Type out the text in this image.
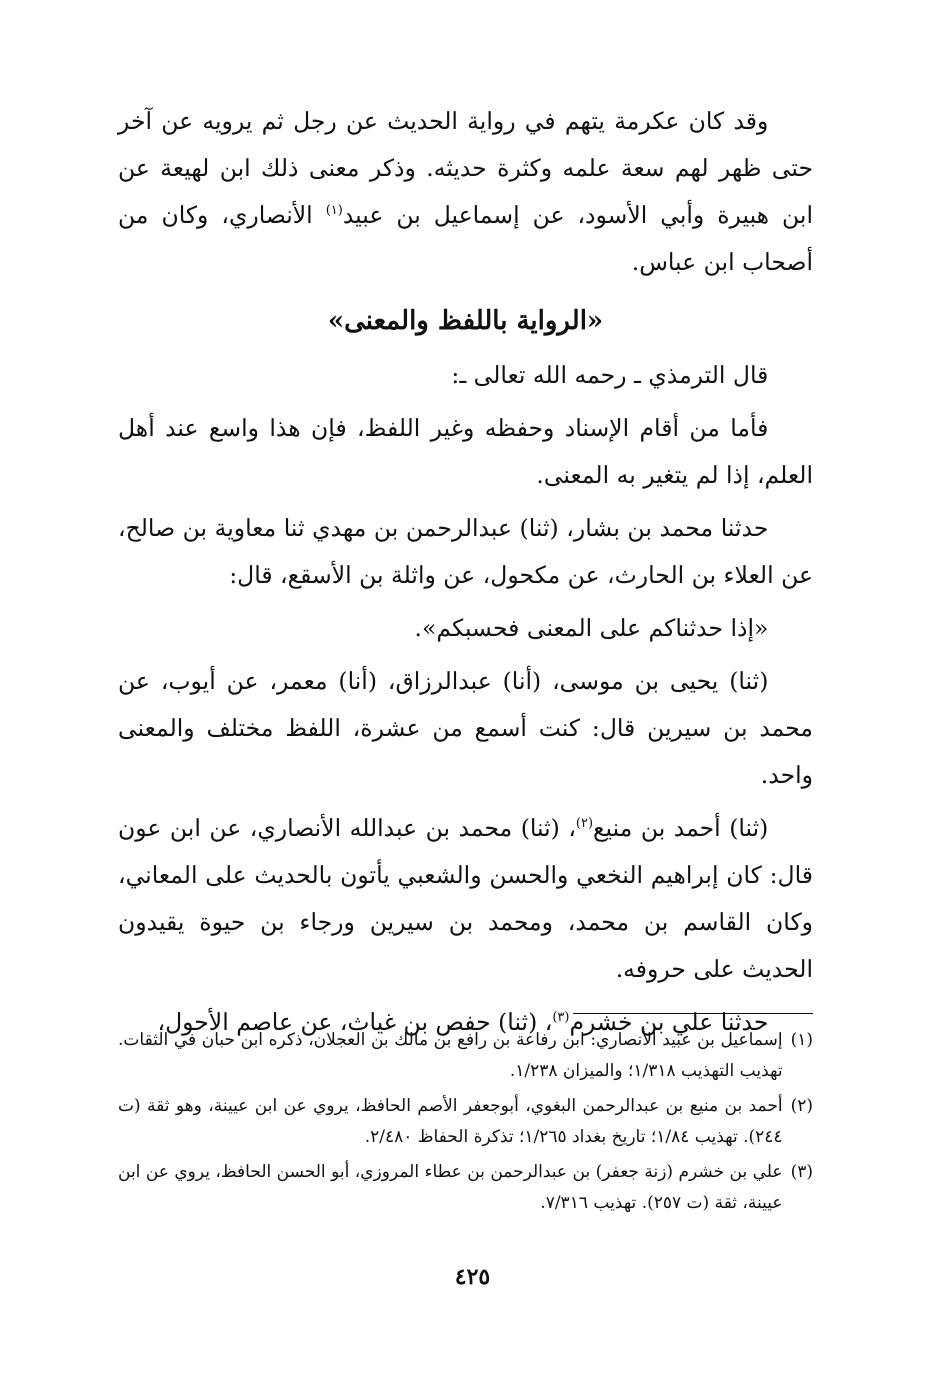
وقد كان عكرمة يتهم في رواية الحديث عن رجل ثم يرويه عن آخر حتى ظهر لهم سعة علمه وكثرة حديثه. وذكر معنى ذلك ابن لهيعة عن ابن هبيرة وأبي الأسود، عن إسماعيل بن عبيد$^{(١)}$ الأنصاري، وكان من أصحاب ابن عباس.

«الرواية باللفظ والمعنى»

قال الترمذي ـ رحمه الله تعالى ـ:

فأما من أقام الإسناد وحفظه وغير اللفظ، فإن هذا واسع عند أهل العلم، إذا لم يتغير به المعنى.

حدثنا محمد بن بشار، (ثنا) عبدالرحمن بن مهدي ثنا معاوية بن صالح، عن العلاء بن الحارث، عن مكحول، عن واثلة بن الأسقع، قال:

«إذا حدثناكم على المعنى فحسبكم».

(ثنا) يحيى بن موسى، (أنا) عبدالرزاق، (أنا) معمر، عن أيوب، عن محمد بن سيرين قال: كنت أسمع من عشرة، اللفظ مختلف والمعنى واحد.

(ثنا) أحمد بن منيع$^{(٢)}$، (ثنا) محمد بن عبدالله الأنصاري، عن ابن عون قال: كان إبراهيم النخعي والحسن والشعبي يأتون بالحديث على المعاني، وكان القاسم بن محمد، ومحمد بن سيرين ورجاء بن حيوة يقيدون الحديث على حروفه.

حدثنا علي بن خشرم$^{(٣)}$، (ثنا) حفص بن غياث، عن عاصم الأحول،

(١)
إسماعيل بن عبيد الأنصاري: ابن رفاعة بن رافع بن مالك بن العجلان، ذكره ابن حبان في الثقات. تهذيب التهذيب ١/٣١٨؛ والميزان ١/٢٣٨.
(٢)
أحمد بن منيع بن عبدالرحمن البغوي، أبوجعفر الأصم الحافظ، يروي عن ابن عيينة، وهو ثقة (ت ٢٤٤). تهذيب ١/٨٤؛ تاريخ بغداد ١/٢٦٥؛ تذكرة الحفاظ ٢/٤٨٠.
(٣)
علي بن خشرم (زنة جعفر) بن عبدالرحمن بن عطاء المروزي، أبو الحسن الحافظ، يروي عن ابن عيينة، ثقة (ت ٢٥٧). تهذيب ٧/٣١٦.
٤٢٥
